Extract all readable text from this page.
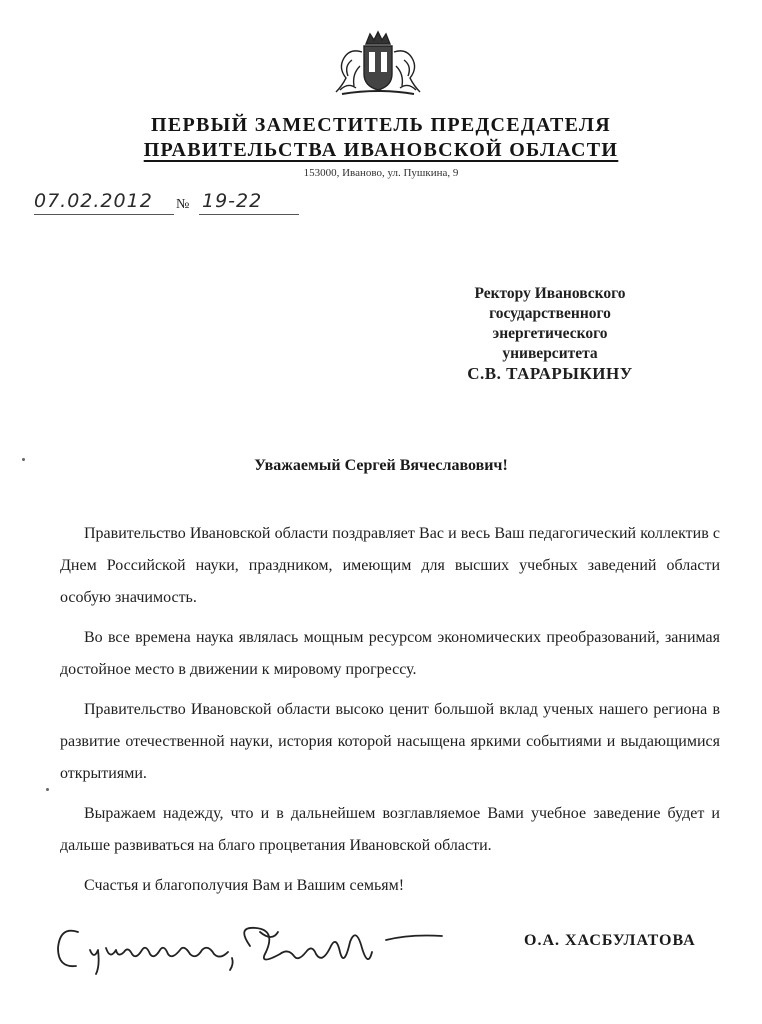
ПЕРВЫЙ ЗАМЕСТИТЕЛЬ ПРЕДСЕДАТЕЛЯ
ПРАВИТЕЛЬСТВА ИВАНОВСКОЙ ОБЛАСТИ
153000, Иваново, ул. Пушкина, 9
07.02.2012 № 19-22
Ректору Ивановского
государственного
энергетического
университета
С.В. ТАРАРЫКИНУ
Уважаемый Сергей Вячеславович!

Правительство Ивановской области поздравляет Вас и весь Ваш педагогический коллектив с Днем Российской науки, праздником, имеющим для высших учебных заведений области особую значимость.

Во все времена наука являлась мощным ресурсом экономических преобразований, занимая достойное место в движении к мировому прогрессу.

Правительство Ивановской области высоко ценит большой вклад ученых нашего региона в развитие отечественной науки, история которой насыщена яркими событиями и выдающимися открытиями.

Выражаем надежду, что и в дальнейшем возглавляемое Вами учебное заведение будет и дальше развиваться на благо процветания Ивановской области.

Счастья и благополучия Вам и Вашим семьям!

О.А. ХАСБУЛАТОВА
